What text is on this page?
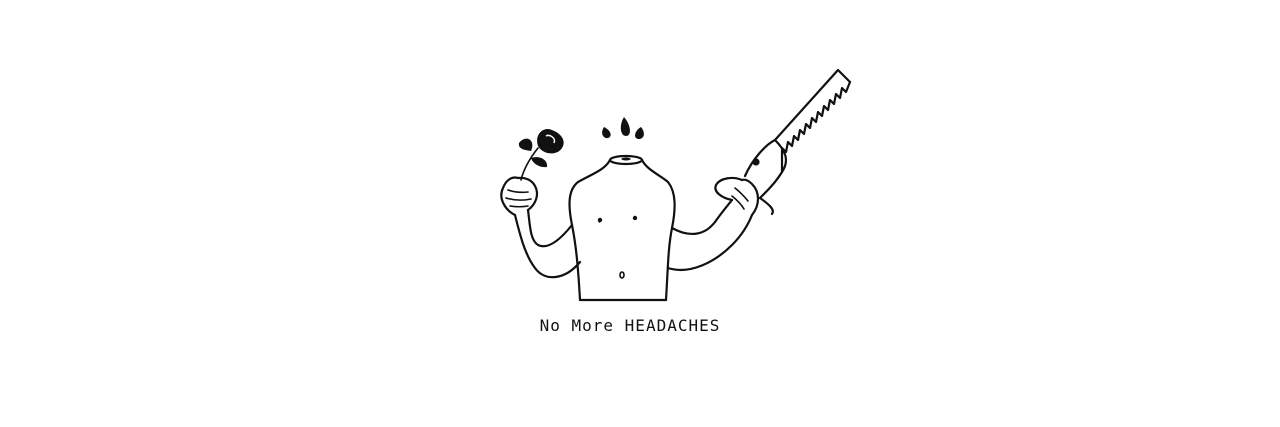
No More HEADACHES
